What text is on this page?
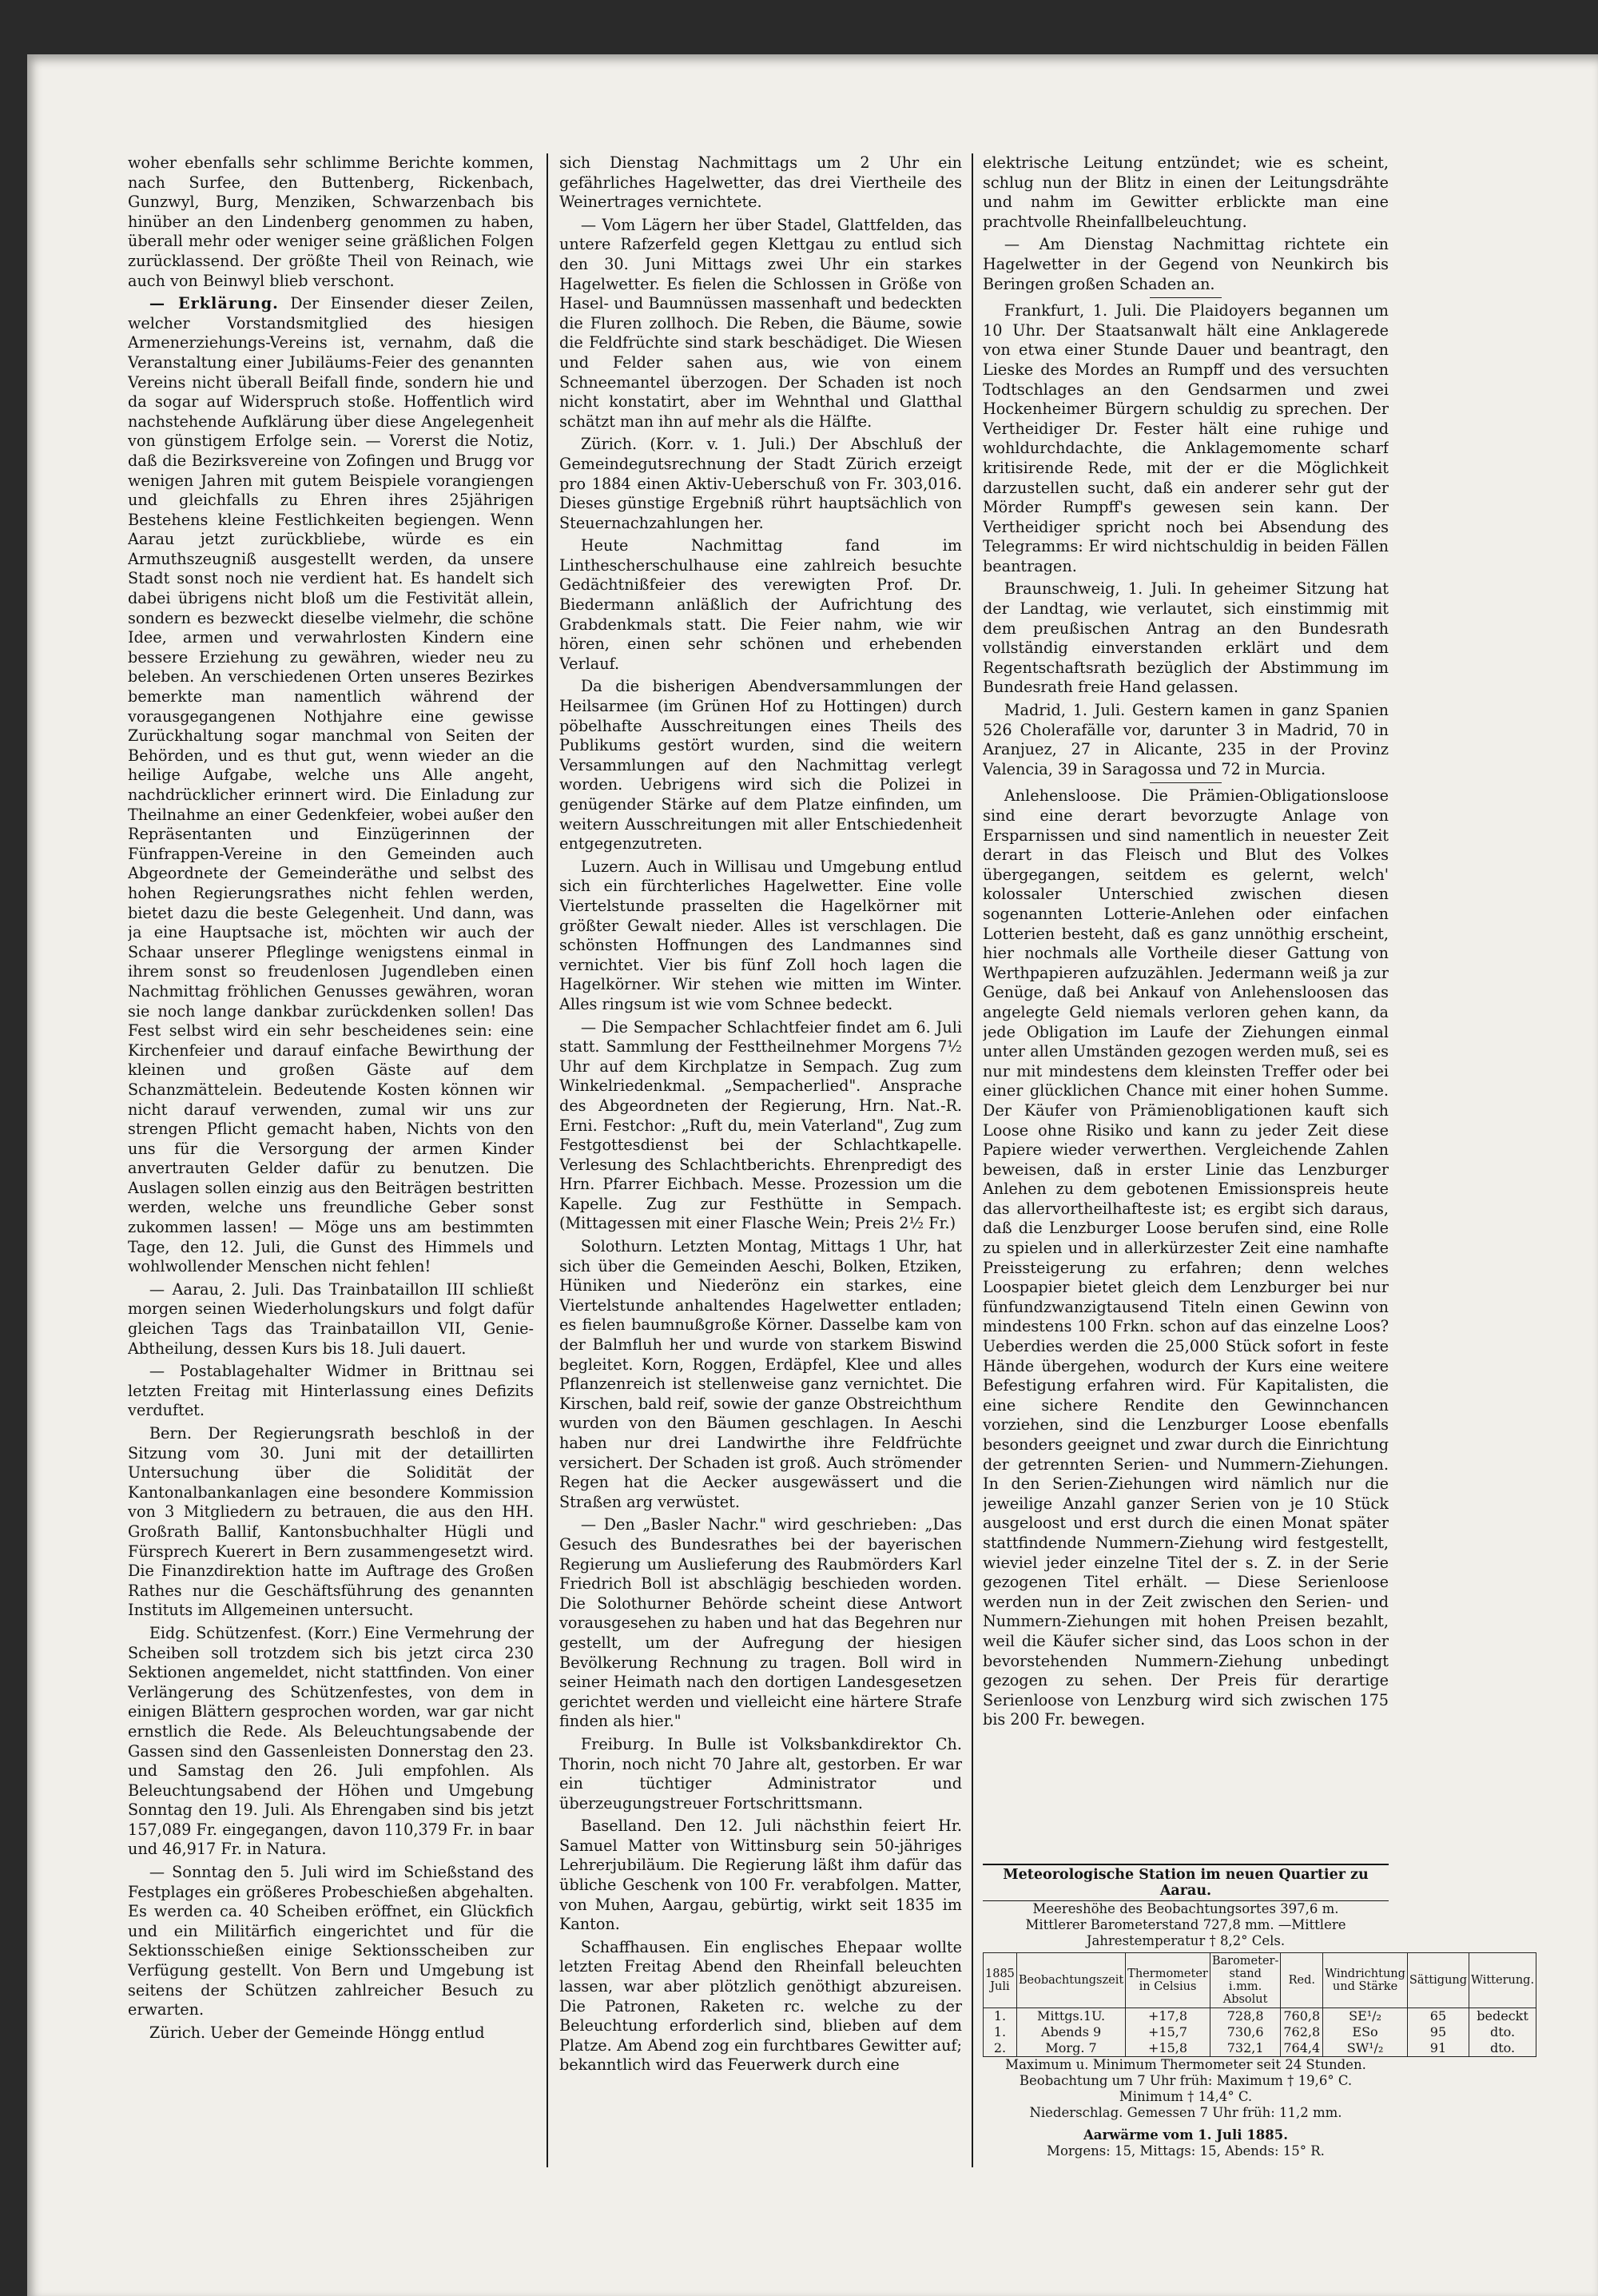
woher ebenfalls sehr schlimme Berichte kommen, nach Surfee, den Buttenberg, Rickenbach, Gunzwyl, Burg, Menziken, Schwarzenbach bis hinüber an den Lindenberg genommen zu haben, überall mehr oder weniger seine gräßlichen Folgen zurücklassend. Der größte Theil von Reinach, wie auch von Beinwyl blieb verschont.

— Erklärung. Der Einsender dieser Zeilen, welcher Vorstandsmitglied des hiesigen Armenerziehungs-Vereins ist, vernahm, daß die Veranstaltung einer Jubiläums-Feier des genannten Vereins nicht überall Beifall finde, sondern hie und da sogar auf Widerspruch stoße. Hoffentlich wird nachstehende Aufklärung über diese Angelegenheit von günstigem Erfolge sein. — Vorerst die Notiz, daß die Bezirksvereine von Zofingen und Brugg vor wenigen Jahren mit gutem Beispiele vorangiengen und gleichfalls zu Ehren ihres 25jährigen Bestehens kleine Festlichkeiten begiengen. Wenn Aarau jetzt zurückbliebe, würde es ein Armuthszeugniß ausgestellt werden, da unsere Stadt sonst noch nie verdient hat. Es handelt sich dabei übrigens nicht bloß um die Festivität allein, sondern es bezweckt dieselbe vielmehr, die schöne Idee, armen und verwahrlosten Kindern eine bessere Erziehung zu gewähren, wieder neu zu beleben. An verschiedenen Orten unseres Bezirkes bemerkte man namentlich während der vorausgegangenen Nothjahre eine gewisse Zurückhaltung sogar manchmal von Seiten der Behörden, und es thut gut, wenn wieder an die heilige Aufgabe, welche uns Alle angeht, nachdrücklicher erinnert wird. Die Einladung zur Theilnahme an einer Gedenkfeier, wobei außer den Repräsentanten und Einzügerinnen der Fünfrappen-Vereine in den Gemeinden auch Abgeordnete der Gemeinderäthe und selbst des hohen Regierungsrathes nicht fehlen werden, bietet dazu die beste Gelegenheit. Und dann, was ja eine Hauptsache ist, möchten wir auch der Schaar unserer Pfleglinge wenigstens einmal in ihrem sonst so freudenlosen Jugendleben einen Nachmittag fröhlichen Genusses gewähren, woran sie noch lange dankbar zurückdenken sollen! Das Fest selbst wird ein sehr bescheidenes sein: eine Kirchenfeier und darauf einfache Bewirthung der kleinen und großen Gäste auf dem Schanzmättelein. Bedeutende Kosten können wir nicht darauf verwenden, zumal wir uns zur strengen Pflicht gemacht haben, Nichts von den uns für die Versorgung der armen Kinder anvertrauten Gelder dafür zu benutzen. Die Auslagen sollen einzig aus den Beiträgen bestritten werden, welche uns freundliche Geber sonst zukommen lassen! — Möge uns am bestimmten Tage, den 12. Juli, die Gunst des Himmels und wohlwollender Menschen nicht fehlen!

— Aarau, 2. Juli. Das Trainbataillon III schließt morgen seinen Wiederholungskurs und folgt dafür gleichen Tags das Trainbataillon VII, Genie-Abtheilung, dessen Kurs bis 18. Juli dauert.

— Postablagehalter Widmer in Brittnau sei letzten Freitag mit Hinterlassung eines Defizits verduftet.

Bern. Der Regierungsrath beschloß in der Sitzung vom 30. Juni mit der detaillirten Untersuchung über die Solidität der Kantonalbankanlagen eine besondere Kommission von 3 Mitgliedern zu betrauen, die aus den HH. Großrath Ballif, Kantonsbuchhalter Hügli und Fürsprech Kuerert in Bern zusammengesetzt wird. Die Finanzdirektion hatte im Auftrage des Großen Rathes nur die Geschäftsführung des genannten Instituts im Allgemeinen untersucht.

Eidg. Schützenfest. (Korr.) Eine Vermehrung der Scheiben soll trotzdem sich bis jetzt circa 230 Sektionen angemeldet, nicht stattfinden. Von einer Verlängerung des Schützenfestes, von dem in einigen Blättern gesprochen worden, war gar nicht ernstlich die Rede. Als Beleuchtungsabende der Gassen sind den Gassenleisten Donnerstag den 23. und Samstag den 26. Juli empfohlen. Als Beleuchtungsabend der Höhen und Umgebung Sonntag den 19. Juli. Als Ehrengaben sind bis jetzt 157,089 Fr. eingegangen, davon 110,379 Fr. in baar und 46,917 Fr. in Natura.

— Sonntag den 5. Juli wird im Schießstand des Festplages ein größeres Probeschießen abgehalten. Es werden ca. 40 Scheiben eröffnet, ein Glückfich und ein Militärfich eingerichtet und für die Sektionsschießen einige Sektionsscheiben zur Verfügung gestellt. Von Bern und Umgebung ist seitens der Schützen zahlreicher Besuch zu erwarten.

Zürich. Ueber der Gemeinde Höngg entlud

sich Dienstag Nachmittags um 2 Uhr ein gefährliches Hagelwetter, das drei Viertheile des Weinertrages vernichtete.

— Vom Lägern her über Stadel, Glattfelden, das untere Rafzerfeld gegen Klettgau zu entlud sich den 30. Juni Mittags zwei Uhr ein starkes Hagelwetter. Es fielen die Schlossen in Größe von Hasel- und Baumnüssen massenhaft und bedeckten die Fluren zollhoch. Die Reben, die Bäume, sowie die Feldfrüchte sind stark beschädiget. Die Wiesen und Felder sahen aus, wie von einem Schneemantel überzogen. Der Schaden ist noch nicht konstatirt, aber im Wehnthal und Glatthal schätzt man ihn auf mehr als die Hälfte.

Zürich. (Korr. v. 1. Juli.) Der Abschluß der Gemeindegutsrechnung der Stadt Zürich erzeigt pro 1884 einen Aktiv-Ueberschuß von Fr. 303,016. Dieses günstige Ergebniß rührt hauptsächlich von Steuernachzahlungen her.

Heute Nachmittag fand im Linthescherschulhause eine zahlreich besuchte Gedächtnißfeier des verewigten Prof. Dr. Biedermann anläßlich der Aufrichtung des Grabdenkmals statt. Die Feier nahm, wie wir hören, einen sehr schönen und erhebenden Verlauf.

Da die bisherigen Abendversammlungen der Heilsarmee (im Grünen Hof zu Hottingen) durch pöbelhafte Ausschreitungen eines Theils des Publikums gestört wurden, sind die weitern Versammlungen auf den Nachmittag verlegt worden. Uebrigens wird sich die Polizei in genügender Stärke auf dem Platze einfinden, um weitern Ausschreitungen mit aller Entschiedenheit entgegenzutreten.

Luzern. Auch in Willisau und Umgebung entlud sich ein fürchterliches Hagelwetter. Eine volle Viertelstunde prasselten die Hagelkörner mit größter Gewalt nieder. Alles ist verschlagen. Die schönsten Hoffnungen des Landmannes sind vernichtet. Vier bis fünf Zoll hoch lagen die Hagelkörner. Wir stehen wie mitten im Winter. Alles ringsum ist wie vom Schnee bedeckt.

— Die Sempacher Schlachtfeier findet am 6. Juli statt. Sammlung der Festtheilnehmer Morgens 7½ Uhr auf dem Kirchplatze in Sempach. Zug zum Winkelriedenkmal. „Sempacherlied". Ansprache des Abgeordneten der Regierung, Hrn. Nat.-R. Erni. Festchor: „Ruft du, mein Vaterland", Zug zum Festgottesdienst bei der Schlachtkapelle. Verlesung des Schlachtberichts. Ehrenpredigt des Hrn. Pfarrer Eichbach. Messe. Prozession um die Kapelle. Zug zur Festhütte in Sempach. (Mittagessen mit einer Flasche Wein; Preis 2½ Fr.)

Solothurn. Letzten Montag, Mittags 1 Uhr, hat sich über die Gemeinden Aeschi, Bolken, Etziken, Hüniken und Niederönz ein starkes, eine Viertelstunde anhaltendes Hagelwetter entladen; es fielen baumnußgroße Körner. Dasselbe kam von der Balmfluh her und wurde von starkem Biswind begleitet. Korn, Roggen, Erdäpfel, Klee und alles Pflanzenreich ist stellenweise ganz vernichtet. Die Kirschen, bald reif, sowie der ganze Obstreichthum wurden von den Bäumen geschlagen. In Aeschi haben nur drei Landwirthe ihre Feldfrüchte versichert. Der Schaden ist groß. Auch strömender Regen hat die Aecker ausgewässert und die Straßen arg verwüstet.

— Den „Basler Nachr." wird geschrieben: „Das Gesuch des Bundesrathes bei der bayerischen Regierung um Auslieferung des Raubmörders Karl Friedrich Boll ist abschlägig beschieden worden. Die Solothurner Behörde scheint diese Antwort vorausgesehen zu haben und hat das Begehren nur gestellt, um der Aufregung der hiesigen Bevölkerung Rechnung zu tragen. Boll wird in seiner Heimath nach den dortigen Landesgesetzen gerichtet werden und vielleicht eine härtere Strafe finden als hier."

Freiburg. In Bulle ist Volksbankdirektor Ch. Thorin, noch nicht 70 Jahre alt, gestorben. Er war ein tüchtiger Administrator und überzeugungstreuer Fortschrittsmann.

Baselland. Den 12. Juli nächsthin feiert Hr. Samuel Matter von Wittinsburg sein 50-jähriges Lehrerjubiläum. Die Regierung läßt ihm dafür das übliche Geschenk von 100 Fr. verabfolgen. Matter, von Muhen, Aargau, gebürtig, wirkt seit 1835 im Kanton.

Schaffhausen. Ein englisches Ehepaar wollte letzten Freitag Abend den Rheinfall beleuchten lassen, war aber plötzlich genöthigt abzureisen. Die Patronen, Raketen rc. welche zu der Beleuchtung erforderlich sind, blieben auf dem Platze. Am Abend zog ein furchtbares Gewitter auf; bekanntlich wird das Feuerwerk durch eine

elektrische Leitung entzündet; wie es scheint, schlug nun der Blitz in einen der Leitungsdrähte und nahm im Gewitter erblickte man eine prachtvolle Rheinfallbeleuchtung.

— Am Dienstag Nachmittag richtete ein Hagelwetter in der Gegend von Neunkirch bis Beringen großen Schaden an.

Frankfurt, 1. Juli. Die Plaidoyers begannen um 10 Uhr. Der Staatsanwalt hält eine Anklagerede von etwa einer Stunde Dauer und beantragt, den Lieske des Mordes an Rumpff und des versuchten Todtschlages an den Gendsarmen und zwei Hockenheimer Bürgern schuldig zu sprechen. Der Vertheidiger Dr. Fester hält eine ruhige und wohldurchdachte, die Anklagemomente scharf kritisirende Rede, mit der er die Möglichkeit darzustellen sucht, daß ein anderer sehr gut der Mörder Rumpff's gewesen sein kann. Der Vertheidiger spricht noch bei Absendung des Telegramms: Er wird nichtschuldig in beiden Fällen beantragen.

Braunschweig, 1. Juli. In geheimer Sitzung hat der Landtag, wie verlautet, sich einstimmig mit dem preußischen Antrag an den Bundesrath vollständig einverstanden erklärt und dem Regentschaftsrath bezüglich der Abstimmung im Bundesrath freie Hand gelassen.

Madrid, 1. Juli. Gestern kamen in ganz Spanien 526 Cholerafälle vor, darunter 3 in Madrid, 70 in Aranjuez, 27 in Alicante, 235 in der Provinz Valencia, 39 in Saragossa und 72 in Murcia.

Anlehensloose. Die Prämien-Obligationsloose sind eine derart bevorzugte Anlage von Ersparnissen und sind namentlich in neuester Zeit derart in das Fleisch und Blut des Volkes übergegangen, seitdem es gelernt, welch' kolossaler Unterschied zwischen diesen sogenannten Lotterie-Anlehen oder einfachen Lotterien besteht, daß es ganz unnöthig erscheint, hier nochmals alle Vortheile dieser Gattung von Werthpapieren aufzuzählen. Jedermann weiß ja zur Genüge, daß bei Ankauf von Anlehensloosen das angelegte Geld niemals verloren gehen kann, da jede Obligation im Laufe der Ziehungen einmal unter allen Umständen gezogen werden muß, sei es nur mit mindestens dem kleinsten Treffer oder bei einer glücklichen Chance mit einer hohen Summe. Der Käufer von Prämienobligationen kauft sich Loose ohne Risiko und kann zu jeder Zeit diese Papiere wieder verwerthen. Vergleichende Zahlen beweisen, daß in erster Linie das Lenzburger Anlehen zu dem gebotenen Emissionspreis heute das allervortheilhafteste ist; es ergibt sich daraus, daß die Lenzburger Loose berufen sind, eine Rolle zu spielen und in allerkürzester Zeit eine namhafte Preissteigerung zu erfahren; denn welches Loospapier bietet gleich dem Lenzburger bei nur fünfundzwanzigtausend Titeln einen Gewinn von mindestens 100 Frkn. schon auf das einzelne Loos? Ueberdies werden die 25,000 Stück sofort in feste Hände übergehen, wodurch der Kurs eine weitere Befestigung erfahren wird. Für Kapitalisten, die eine sichere Rendite den Gewinnchancen vorziehen, sind die Lenzburger Loose ebenfalls besonders geeignet und zwar durch die Einrichtung der getrennten Serien- und Nummern-Ziehungen. In den Serien-Ziehungen wird nämlich nur die jeweilige Anzahl ganzer Serien von je 10 Stück ausgeloost und erst durch die einen Monat später stattfindende Nummern-Ziehung wird festgestellt, wieviel jeder einzelne Titel der s. Z. in der Serie gezogenen Titel erhält. — Diese Serienloose werden nun in der Zeit zwischen den Serien- und Nummern-Ziehungen mit hohen Preisen bezahlt, weil die Käufer sicher sind, das Loos schon in der bevorstehenden Nummern-Ziehung unbedingt gezogen zu sehen. Der Preis für derartige Serienloose von Lenzburg wird sich zwischen 175 bis 200 Fr. bewegen.

Meteorologische Station im neuen Quartier zu Aarau.
Meereshöhe des Beobachtungsortes 397,6 m.
Mittlerer Barometerstand 727,8 mm. —Mittlere Jahrestemperatur † 8,2° Cels.
1885 Juli	Beobachtungszeit	Thermometer in Celsius	Barometer-stand i.mm. Absolut	Red.	Windrichtung und Stärke	Sättigung	Witterung.
1.	Mittgs.1U.	+17,8	728,8	760,8	SE¹/₂	65	bedeckt
1.	Abends 9	+15,7	730,6	762,8	ESo	95	dto.
2.	Morg. 7	+15,8	732,1	764,4	SW¹/₂	91	dto.
Maximum u. Minimum Thermometer seit 24 Stunden.
Beobachtung um 7 Uhr früh: Maximum † 19,6° C.
Minimum † 14,4° C.
Niederschlag. Gemessen 7 Uhr früh: 11,2 mm.
Aarwärme vom 1. Juli 1885.
Morgens: 15, Mittags: 15, Abends: 15° R.
